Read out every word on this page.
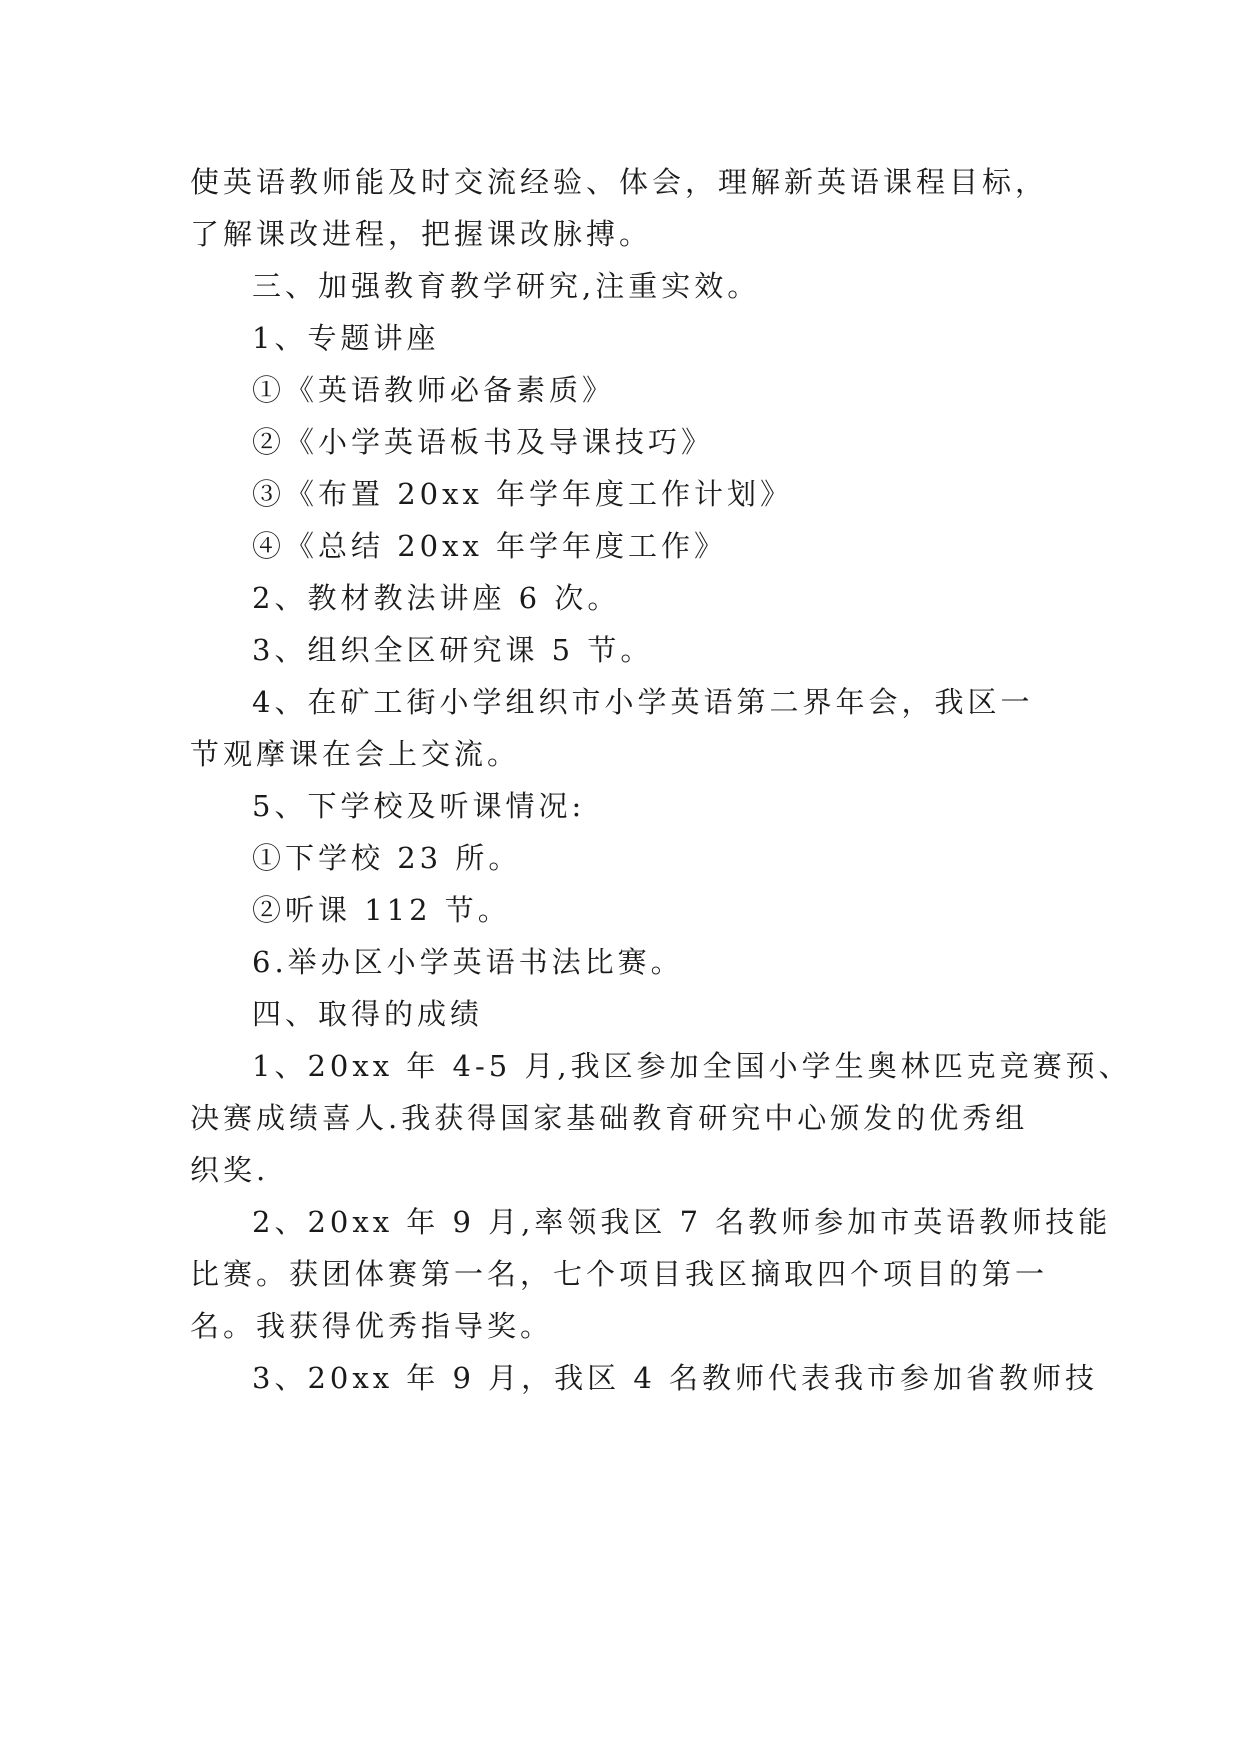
使英语教师能及时交流经验、体会，理解新英语课程目标，
了解课改进程，把握课改脉搏。
三、加强教育教学研究,注重实效。
1、专题讲座
①《英语教师必备素质》
②《小学英语板书及导课技巧》
③《布置 20xx 年学年度工作计划》
④《总结 20xx 年学年度工作》
2、教材教法讲座 6 次。
3、组织全区研究课 5 节。
4、在矿工街小学组织市小学英语第二界年会，我区一
节观摩课在会上交流。
5、下学校及听课情况:
①下学校 23 所。
②听课 112 节。
6.举办区小学英语书法比赛。
四、取得的成绩
1、20xx 年 4-5 月,我区参加全国小学生奥林匹克竞赛预、
决赛成绩喜人.我获得国家基础教育研究中心颁发的优秀组
织奖.
2、20xx 年 9 月,率领我区 7 名教师参加市英语教师技能
比赛。获团体赛第一名，七个项目我区摘取四个项目的第一
名。我获得优秀指导奖。
3、20xx 年 9 月，我区 4 名教师代表我市参加省教师技
